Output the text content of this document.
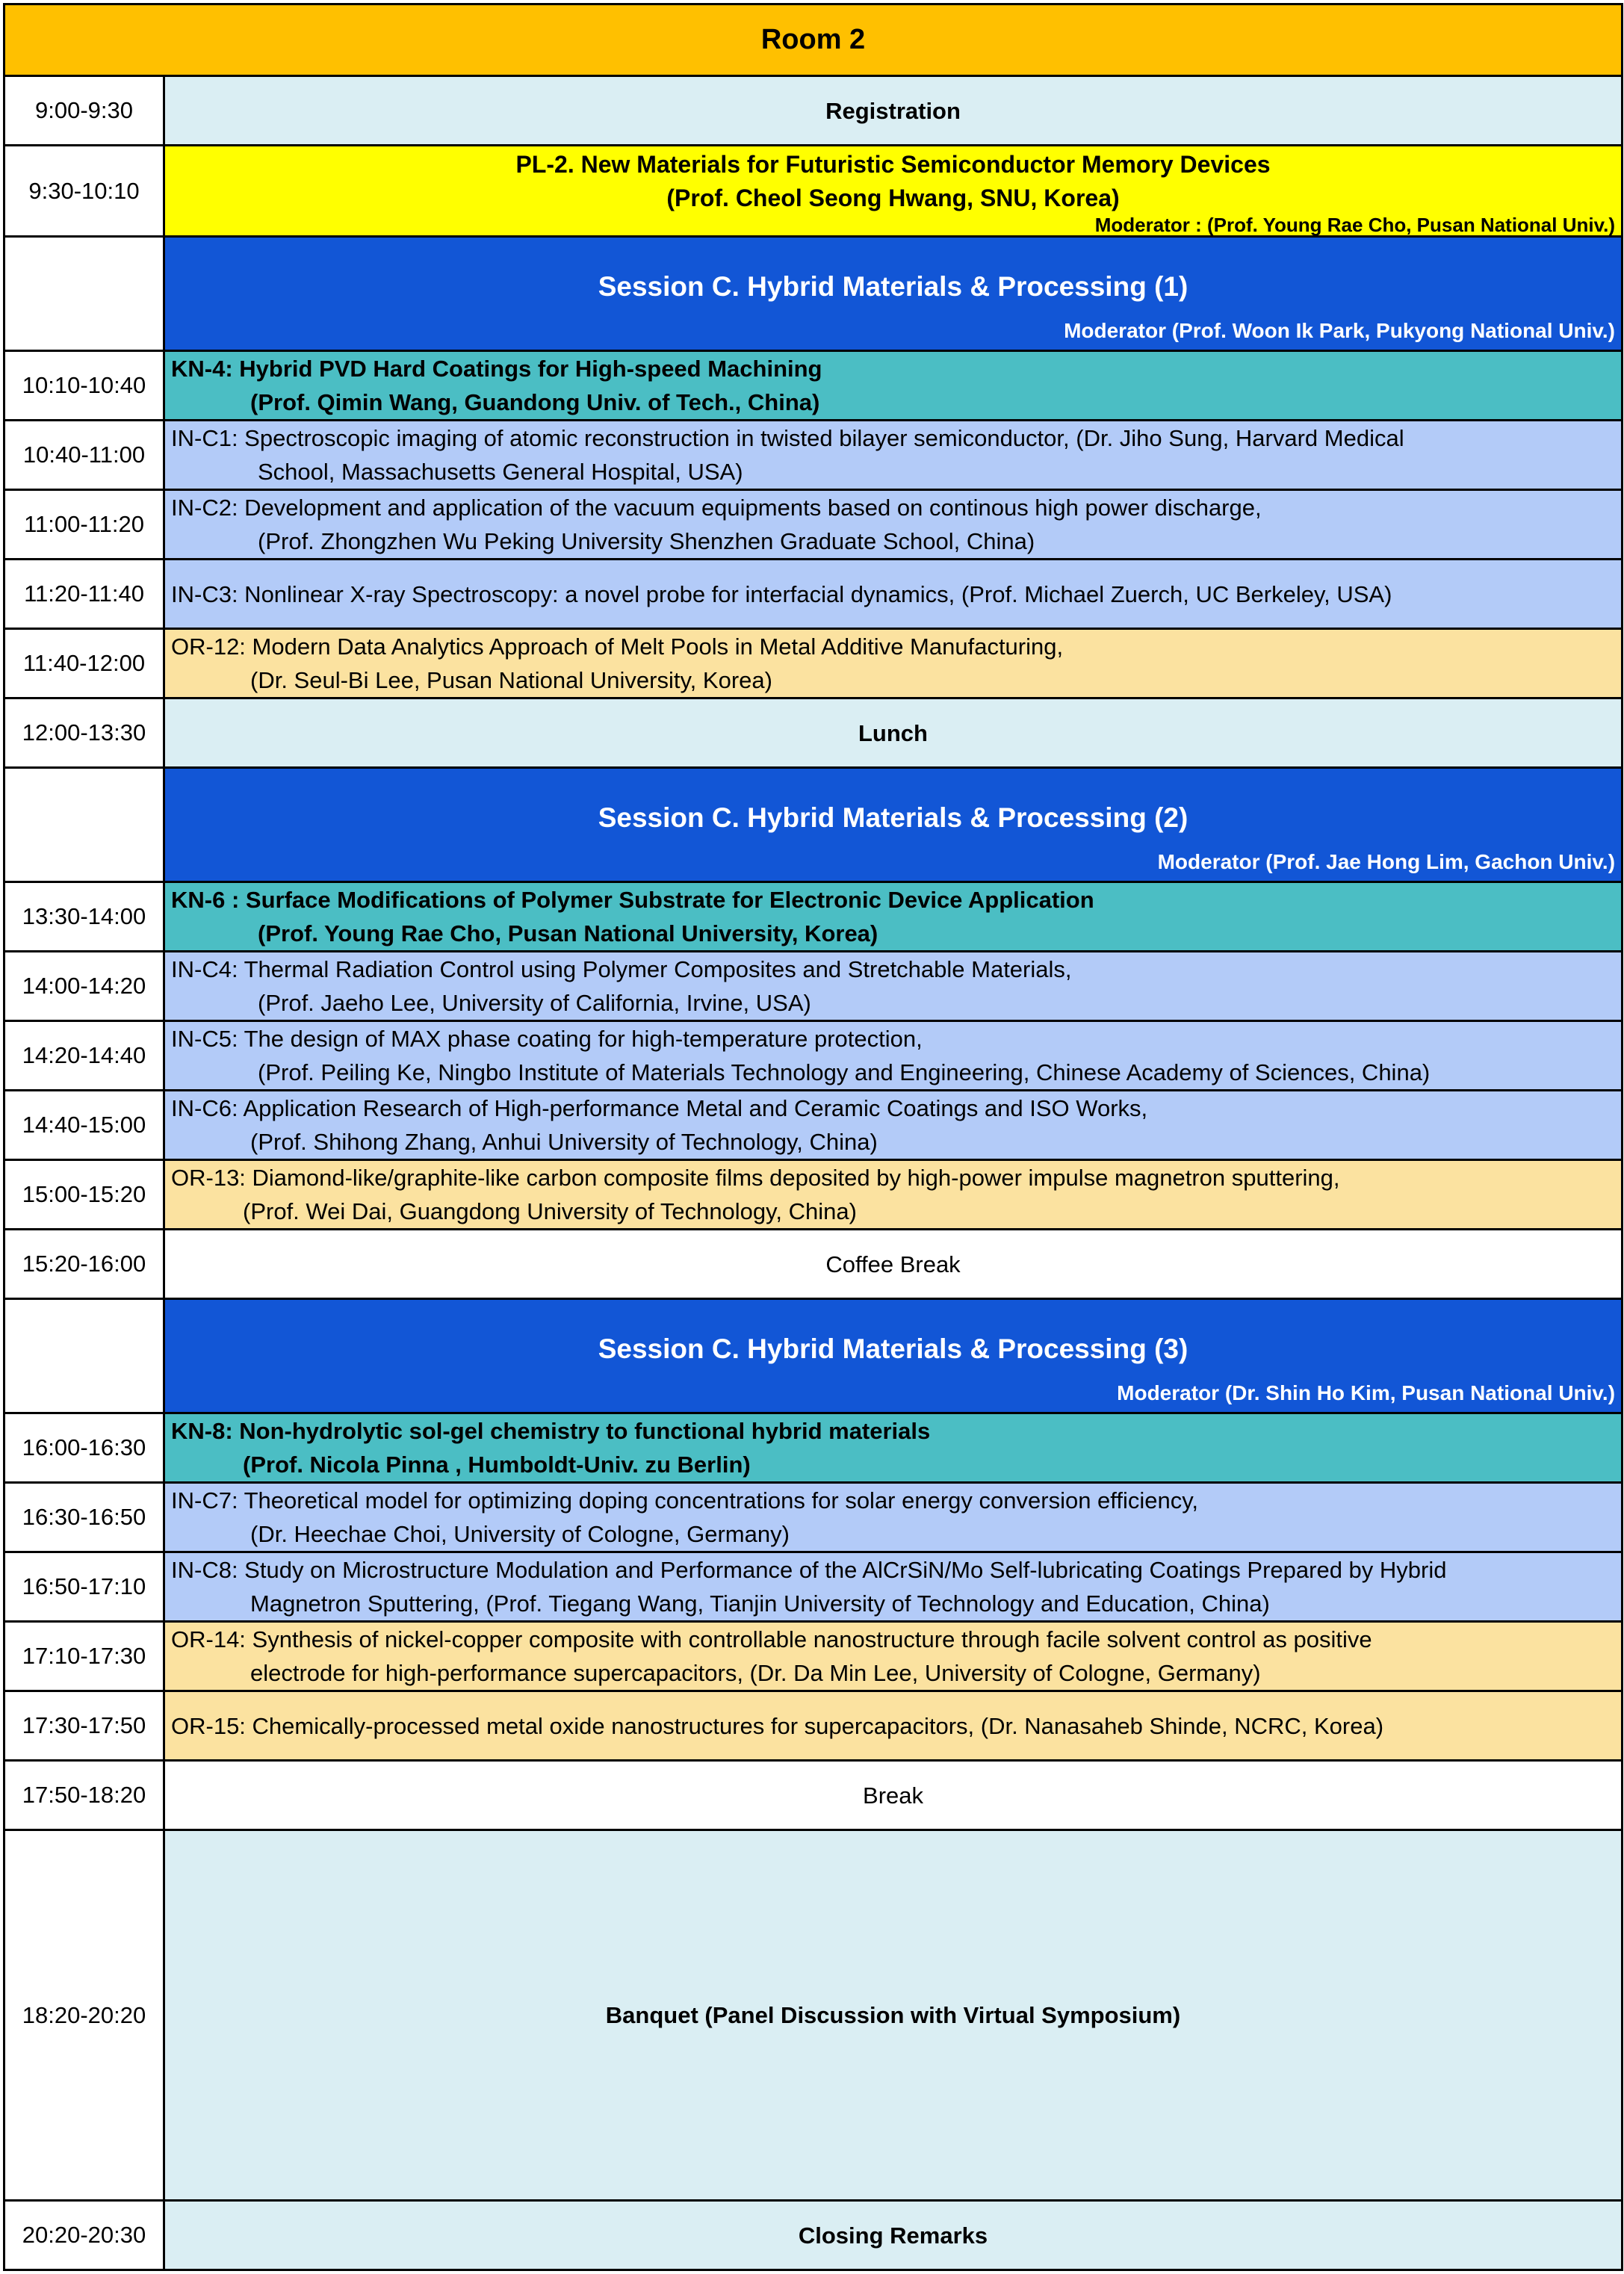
Room 2	
9:00-9:30	Registration
9:30-10:10	PL-2. New Materials for Futuristic Semiconductor Memory Devices
(Prof. Cheol Seong Hwang, SNU, Korea)
Moderator : (Prof. Young Rae Cho, Pusan National Univ.)

	Session C. Hybrid Materials & Processing (1)
Moderator (Prof. Woon Ik Park, Pukyong National Univ.)

10:10-10:40	KN-4: Hybrid PVD Hard Coatings for High-speed Machining
(Prof. Qimin Wang, Guandong Univ. of Tech., China)

10:40-11:00	IN-C1: Spectroscopic imaging of atomic reconstruction in twisted bilayer semiconductor, (Dr. Jiho Sung, Harvard Medical
School, Massachusetts General Hospital, USA)

11:00-11:20	IN-C2: Development and application of the vacuum equipments based on continous high power discharge,
(Prof. Zhongzhen Wu Peking University Shenzhen Graduate School, China)

11:20-11:40	IN-C3: Nonlinear X-ray Spectroscopy: a novel probe for interfacial dynamics, (Prof. Michael Zuerch, UC Berkeley, USA)
11:40-12:00	OR-12: Modern Data Analytics Approach of Melt Pools in Metal Additive Manufacturing,
(Dr. Seul-Bi Lee, Pusan National University, Korea)

12:00-13:30	Lunch

	Session C. Hybrid Materials & Processing (2)
Moderator (Prof. Jae Hong Lim, Gachon Univ.)

13:30-14:00	KN-6 : Surface Modifications of Polymer Substrate for Electronic Device Application
(Prof. Young Rae Cho, Pusan National University, Korea)

14:00-14:20	IN-C4: Thermal Radiation Control using Polymer Composites and Stretchable Materials,
(Prof. Jaeho Lee, University of California, Irvine, USA)

14:20-14:40	IN-C5: The design of MAX phase coating for high-temperature protection,
(Prof. Peiling Ke, Ningbo Institute of Materials Technology and Engineering, Chinese Academy of Sciences, China)

14:40-15:00	IN-C6: Application Research of High-performance Metal and Ceramic Coatings and ISO Works,
(Prof. Shihong Zhang, Anhui University of Technology, China)

15:00-15:20	OR-13: Diamond-like/graphite-like carbon composite films deposited by high-power impulse magnetron sputtering,
(Prof. Wei Dai, Guangdong University of Technology, China)

15:20-16:00	Coffee Break

	Session C. Hybrid Materials & Processing (3)
Moderator (Dr. Shin Ho Kim, Pusan National Univ.)

16:00-16:30	KN-8: Non-hydrolytic sol-gel chemistry to functional hybrid materials
(Prof. Nicola Pinna , Humboldt-Univ. zu Berlin)

16:30-16:50	IN-C7: Theoretical model for optimizing doping concentrations for solar energy conversion efficiency,
(Dr. Heechae Choi, University of Cologne, Germany)

16:50-17:10	IN-C8: Study on Microstructure Modulation and Performance of the AlCrSiN/Mo Self-lubricating Coatings Prepared by Hybrid
Magnetron Sputtering, (Prof. Tiegang Wang, Tianjin University of Technology and Education, China)

17:10-17:30	OR-14: Synthesis of nickel-copper composite with controllable nanostructure through facile solvent control as positive
electrode for high-performance supercapacitors, (Dr. Da Min Lee, University of Cologne, Germany)

17:30-17:50	OR-15: Chemically-processed metal oxide nanostructures for supercapacitors, (Dr. Nanasaheb Shinde, NCRC, Korea)
17:50-18:20	Break
18:20-20:20	Banquet (Panel Discussion with Virtual Symposium)
20:20-20:30	Closing Remarks
